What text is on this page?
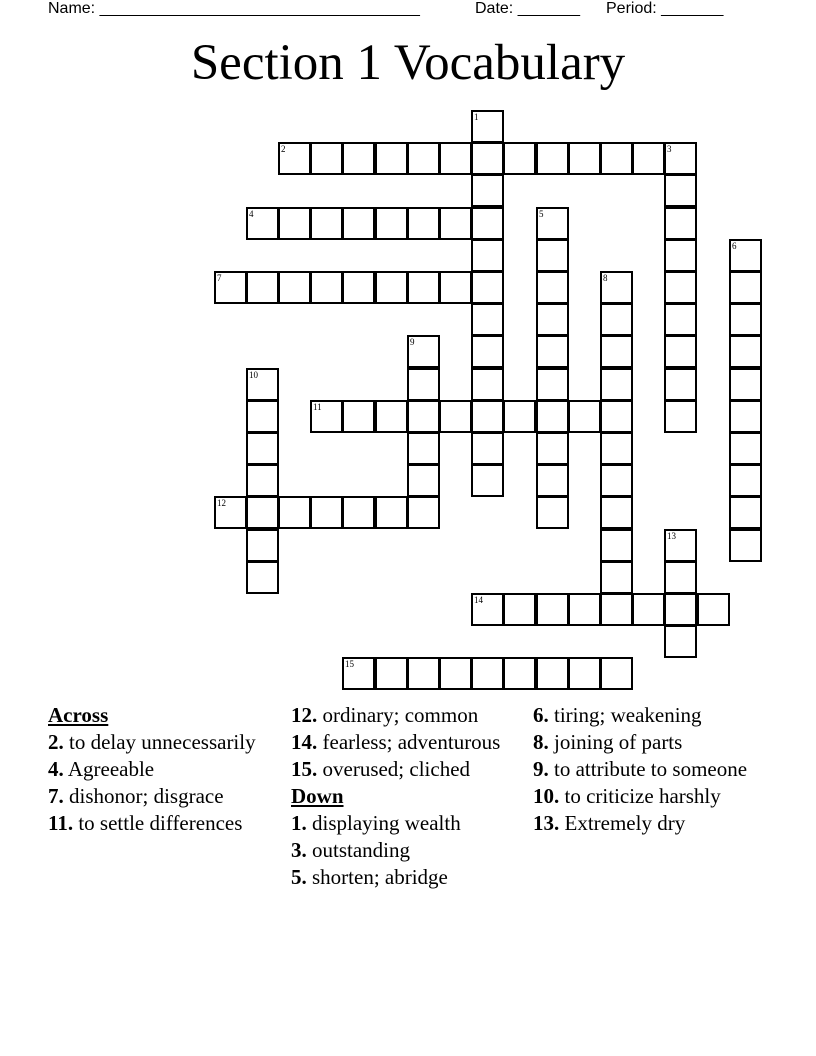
Name: ____________________________________	Date: _______ Period: _______
Section 1 Vocabulary
1
2	3
4	5
6
7	8
9
10
11
12
13
14
15
Across
2. to delay unnecessarily
4. Agreeable
7. dishonor; disgrace
11. to settle differences
12. ordinary; common
14. fearless; adventurous
15. overused; cliched
Down
1. displaying wealth
3. outstanding
5. shorten; abridge
6. tiring; weakening
8. joining of parts
9. to attribute to someone
10. to criticize harshly
13. Extremely dry
